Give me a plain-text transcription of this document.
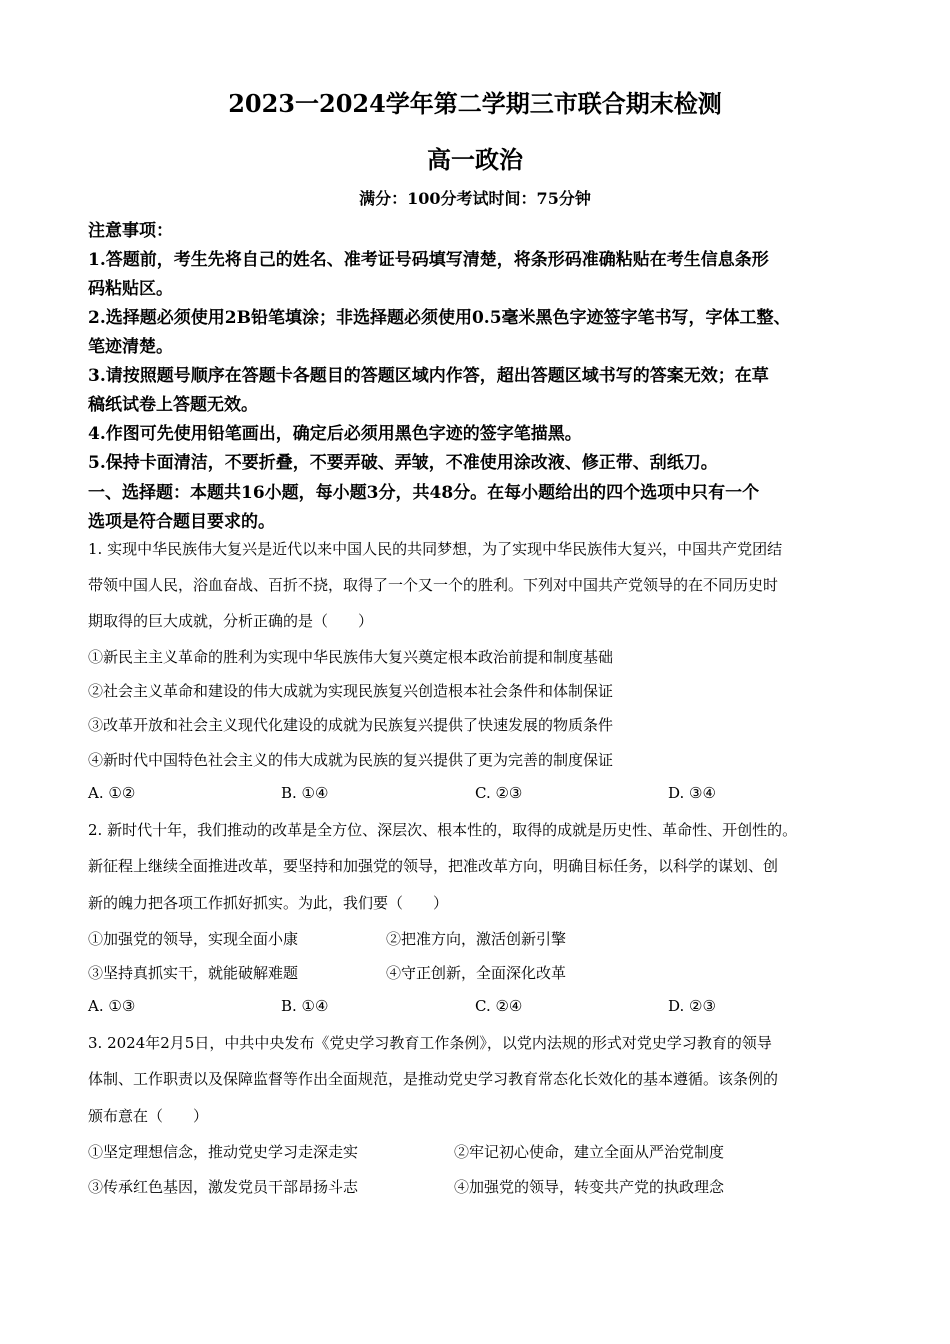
2023一2024学年第二学期三市联合期末检测
高一政治
满分：100分考试时间：75分钟
注意事项：
1.答题前，考生先将自己的姓名、准考证号码填写清楚，将条形码准确粘贴在考生信息条形
码粘贴区。
2.选择题必须使用2B铅笔填涂；非选择题必须使用0.5毫米黑色字迹签字笔书写，字体工整、
笔迹清楚。
3.请按照题号顺序在答题卡各题目的答题区域内作答，超出答题区域书写的答案无效；在草
稿纸试卷上答题无效。
4.作图可先使用铅笔画出，确定后必须用黑色字迹的签字笔描黑。
5.保持卡面清洁，不要折叠，不要弄破、弄皱，不准使用涂改液、修正带、刮纸刀。
一、选择题：本题共16小题，每小题3分，共48分。在每小题给出的四个选项中只有一个
选项是符合题目要求的。
1. 实现中华民族伟大复兴是近代以来中国人民的共同梦想，为了实现中华民族伟大复兴，中国共产党团结
带领中国人民，浴血奋战、百折不挠，取得了一个又一个的胜利。下列对中国共产党领导的在不同历史时
期取得的巨大成就，分析正确的是（　　）
①新民主主义革命的胜利为实现中华民族伟大复兴奠定根本政治前提和制度基础
②社会主义革命和建设的伟大成就为实现民族复兴创造根本社会条件和体制保证
③改革开放和社会主义现代化建设的成就为民族复兴提供了快速发展的物质条件
④新时代中国特色社会主义的伟大成就为民族的复兴提供了更为完善的制度保证
A. ①②	B. ①④	C. ②③	D. ③④
2. 新时代十年，我们推动的改革是全方位、深层次、根本性的，取得的成就是历史性、革命性、开创性的。
新征程上继续全面推进改革，要坚持和加强党的领导，把准改革方向，明确目标任务，以科学的谋划、创
新的魄力把各项工作抓好抓实。为此，我们要（　　）
①加强党的领导，实现全面小康	②把准方向，激活创新引擎
③坚持真抓实干，就能破解难题	④守正创新，全面深化改革
A. ①③	B. ①④	C. ②④	D. ②③
3. 2024年2月5日，中共中央发布《党史学习教育工作条例》，以党内法规的形式对党史学习教育的领导
体制、工作职责以及保障监督等作出全面规范，是推动党史学习教育常态化长效化的基本遵循。该条例的
颁布意在（　　）
①坚定理想信念，推动党史学习走深走实	②牢记初心使命，建立全面从严治党制度
③传承红色基因，激发党员干部昂扬斗志	④加强党的领导，转变共产党的执政理念
